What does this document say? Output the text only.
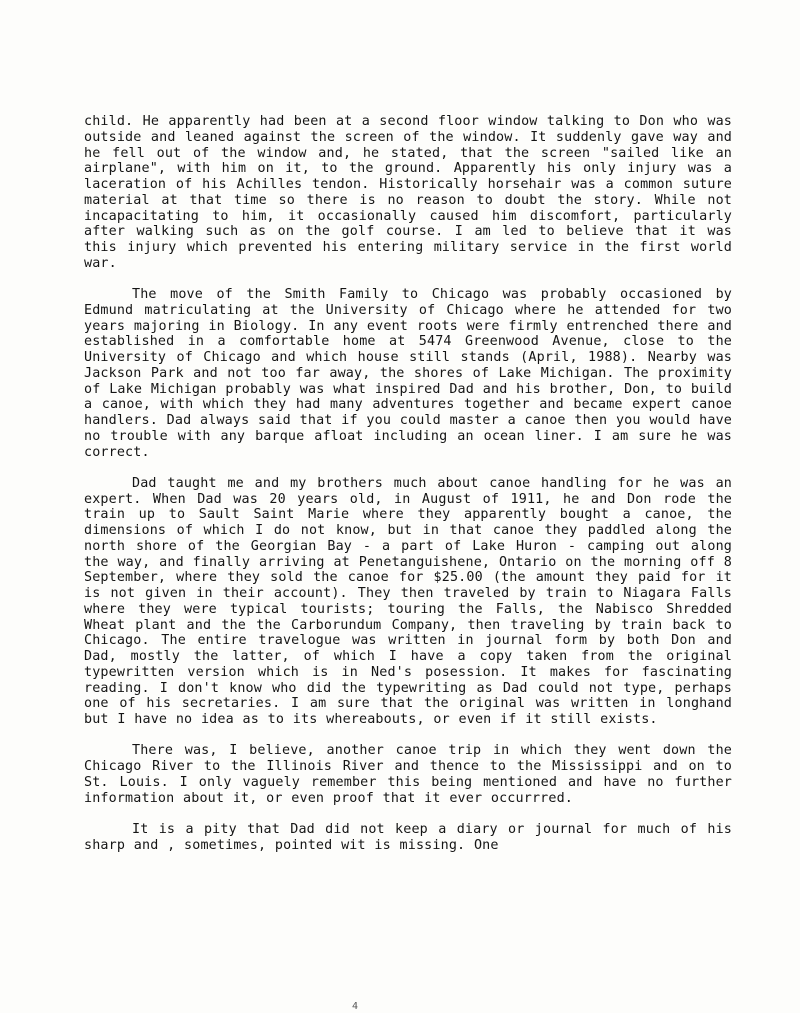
child. He apparently had been at a second floor window talking to Don who was outside and leaned against the screen of the window. It suddenly gave way and he fell out of the window and, he stated, that the screen "sailed like an airplane", with him on it, to the ground. Apparently his only injury was a laceration of his Achilles tendon. Historically horsehair was a common suture material at that time so there is no reason to doubt the story. While not incapacitating to him, it occasionally caused him discomfort, particularly after walking such as on the golf course. I am led to believe that it was this injury which prevented his entering military service in the first world war.

The move of the Smith Family to Chicago was probably occasioned by Edmund matriculating at the University of Chicago where he attended for two years majoring in Biology. In any event roots were firmly entrenched there and established in a comfortable home at 5474 Greenwood Avenue, close to the University of Chicago and which house still stands (April, 1988). Nearby was Jackson Park and not too far away, the shores of Lake Michigan. The proximity of Lake Michigan probably was what inspired Dad and his brother, Don, to build a canoe, with which they had many adventures together and became expert canoe handlers. Dad always said that if you could master a canoe then you would have no trouble with any barque afloat including an ocean liner. I am sure he was correct.

Dad taught me and my brothers much about canoe handling for he was an expert. When Dad was 20 years old, in August of 1911, he and Don rode the train up to Sault Saint Marie where they apparently bought a canoe, the dimensions of which I do not know, but in that canoe they paddled along the north shore of the Georgian Bay - a part of Lake Huron - camping out along the way, and finally arriving at Penetanguishene, Ontario on the morning off 8 September, where they sold the canoe for $25.00 (the amount they paid for it is not given in their account). They then traveled by train to Niagara Falls where they were typical tourists; touring the Falls, the Nabisco Shredded Wheat plant and the the Carborundum Company, then traveling by train back to Chicago. The entire travelogue was written in journal form by both Don and Dad, mostly the latter, of which I have a copy taken from the original typewritten version which is in Ned's posession. It makes for fascinating reading. I don't know who did the typewriting as Dad could not type, perhaps one of his secretaries. I am sure that the original was written in longhand but I have no idea as to its whereabouts, or even if it still exists.

There was, I believe, another canoe trip in which they went down the Chicago River to the Illinois River and thence to the Mississippi and on to St. Louis. I only vaguely remember this being mentioned and have no further information about it, or even proof that it ever occurrred.

It is a pity that Dad did not keep a diary or journal for much of his sharp and , sometimes, pointed wit is missing. One

4
